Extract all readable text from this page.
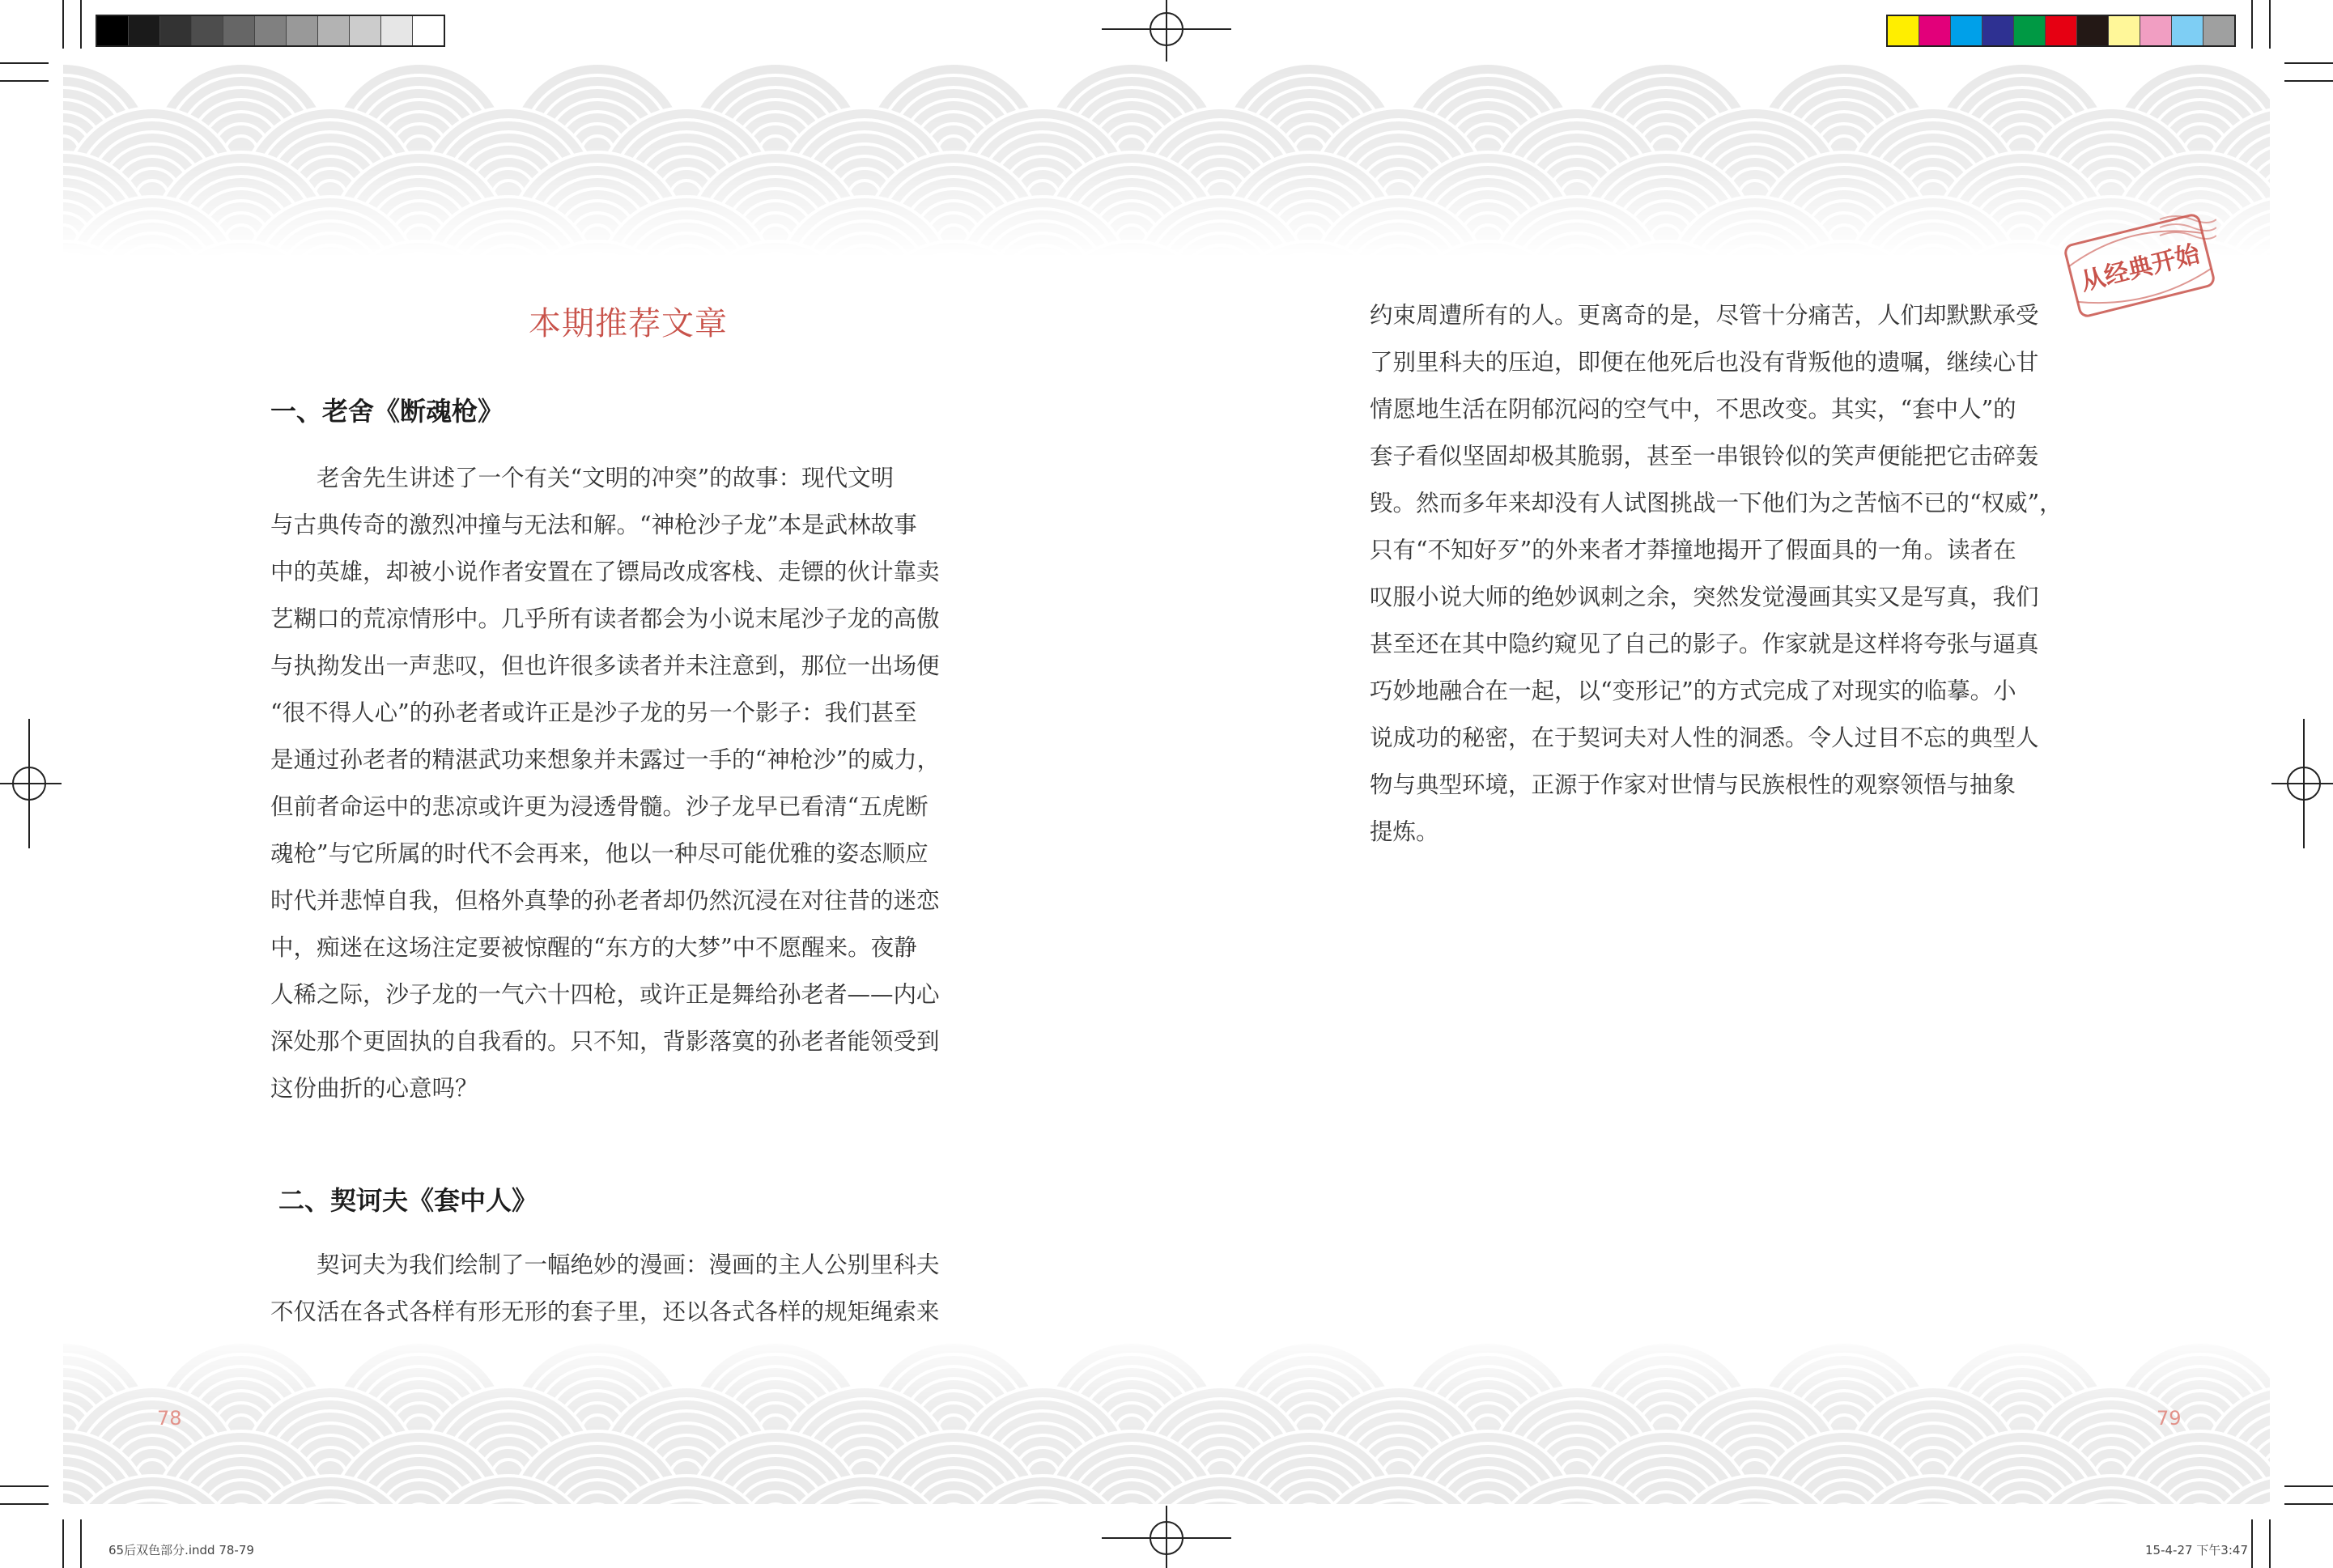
65后双色部分.indd 78-79	15-4-27 下午3:47
从经典开始
本期推荐文章
一、老舍《断魂枪》
老舍先生讲述了一个有关“文明的冲突”的故事：现代文明
与古典传奇的激烈冲撞与无法和解。“神枪沙子龙”本是武林故事
中的英雄，却被小说作者安置在了镖局改成客栈、走镖的伙计靠卖
艺糊口的荒凉情形中。几乎所有读者都会为小说末尾沙子龙的高傲
与执拗发出一声悲叹，但也许很多读者并未注意到，那位一出场便
“很不得人心”的孙老者或许正是沙子龙的另一个影子：我们甚至
是通过孙老者的精湛武功来想象并未露过一手的“神枪沙”的威力，
但前者命运中的悲凉或许更为浸透骨髓。沙子龙早已看清“五虎断
魂枪”与它所属的时代不会再来，他以一种尽可能优雅的姿态顺应
时代并悲悼自我，但格外真挚的孙老者却仍然沉浸在对往昔的迷恋
中，痴迷在这场注定要被惊醒的“东方的大梦”中不愿醒来。夜静
人稀之际，沙子龙的一气六十四枪，或许正是舞给孙老者——内心
深处那个更固执的自我看的。只不知，背影落寞的孙老者能领受到
这份曲折的心意吗？
二、契诃夫《套中人》
契诃夫为我们绘制了一幅绝妙的漫画：漫画的主人公别里科夫
不仅活在各式各样有形无形的套子里，还以各式各样的规矩绳索来
78
约束周遭所有的人。更离奇的是，尽管十分痛苦，人们却默默承受
了别里科夫的压迫，即便在他死后也没有背叛他的遗嘱，继续心甘
情愿地生活在阴郁沉闷的空气中，不思改变。其实，“套中人”的
套子看似坚固却极其脆弱，甚至一串银铃似的笑声便能把它击碎轰
毁。然而多年来却没有人试图挑战一下他们为之苦恼不已的“权威”，
只有“不知好歹”的外来者才莽撞地揭开了假面具的一角。读者在
叹服小说大师的绝妙讽刺之余，突然发觉漫画其实又是写真，我们
甚至还在其中隐约窥见了自己的影子。作家就是这样将夸张与逼真
巧妙地融合在一起，以“变形记”的方式完成了对现实的临摹。小
说成功的秘密，在于契诃夫对人性的洞悉。令人过目不忘的典型人
物与典型环境，正源于作家对世情与民族根性的观察领悟与抽象
提炼。
79
